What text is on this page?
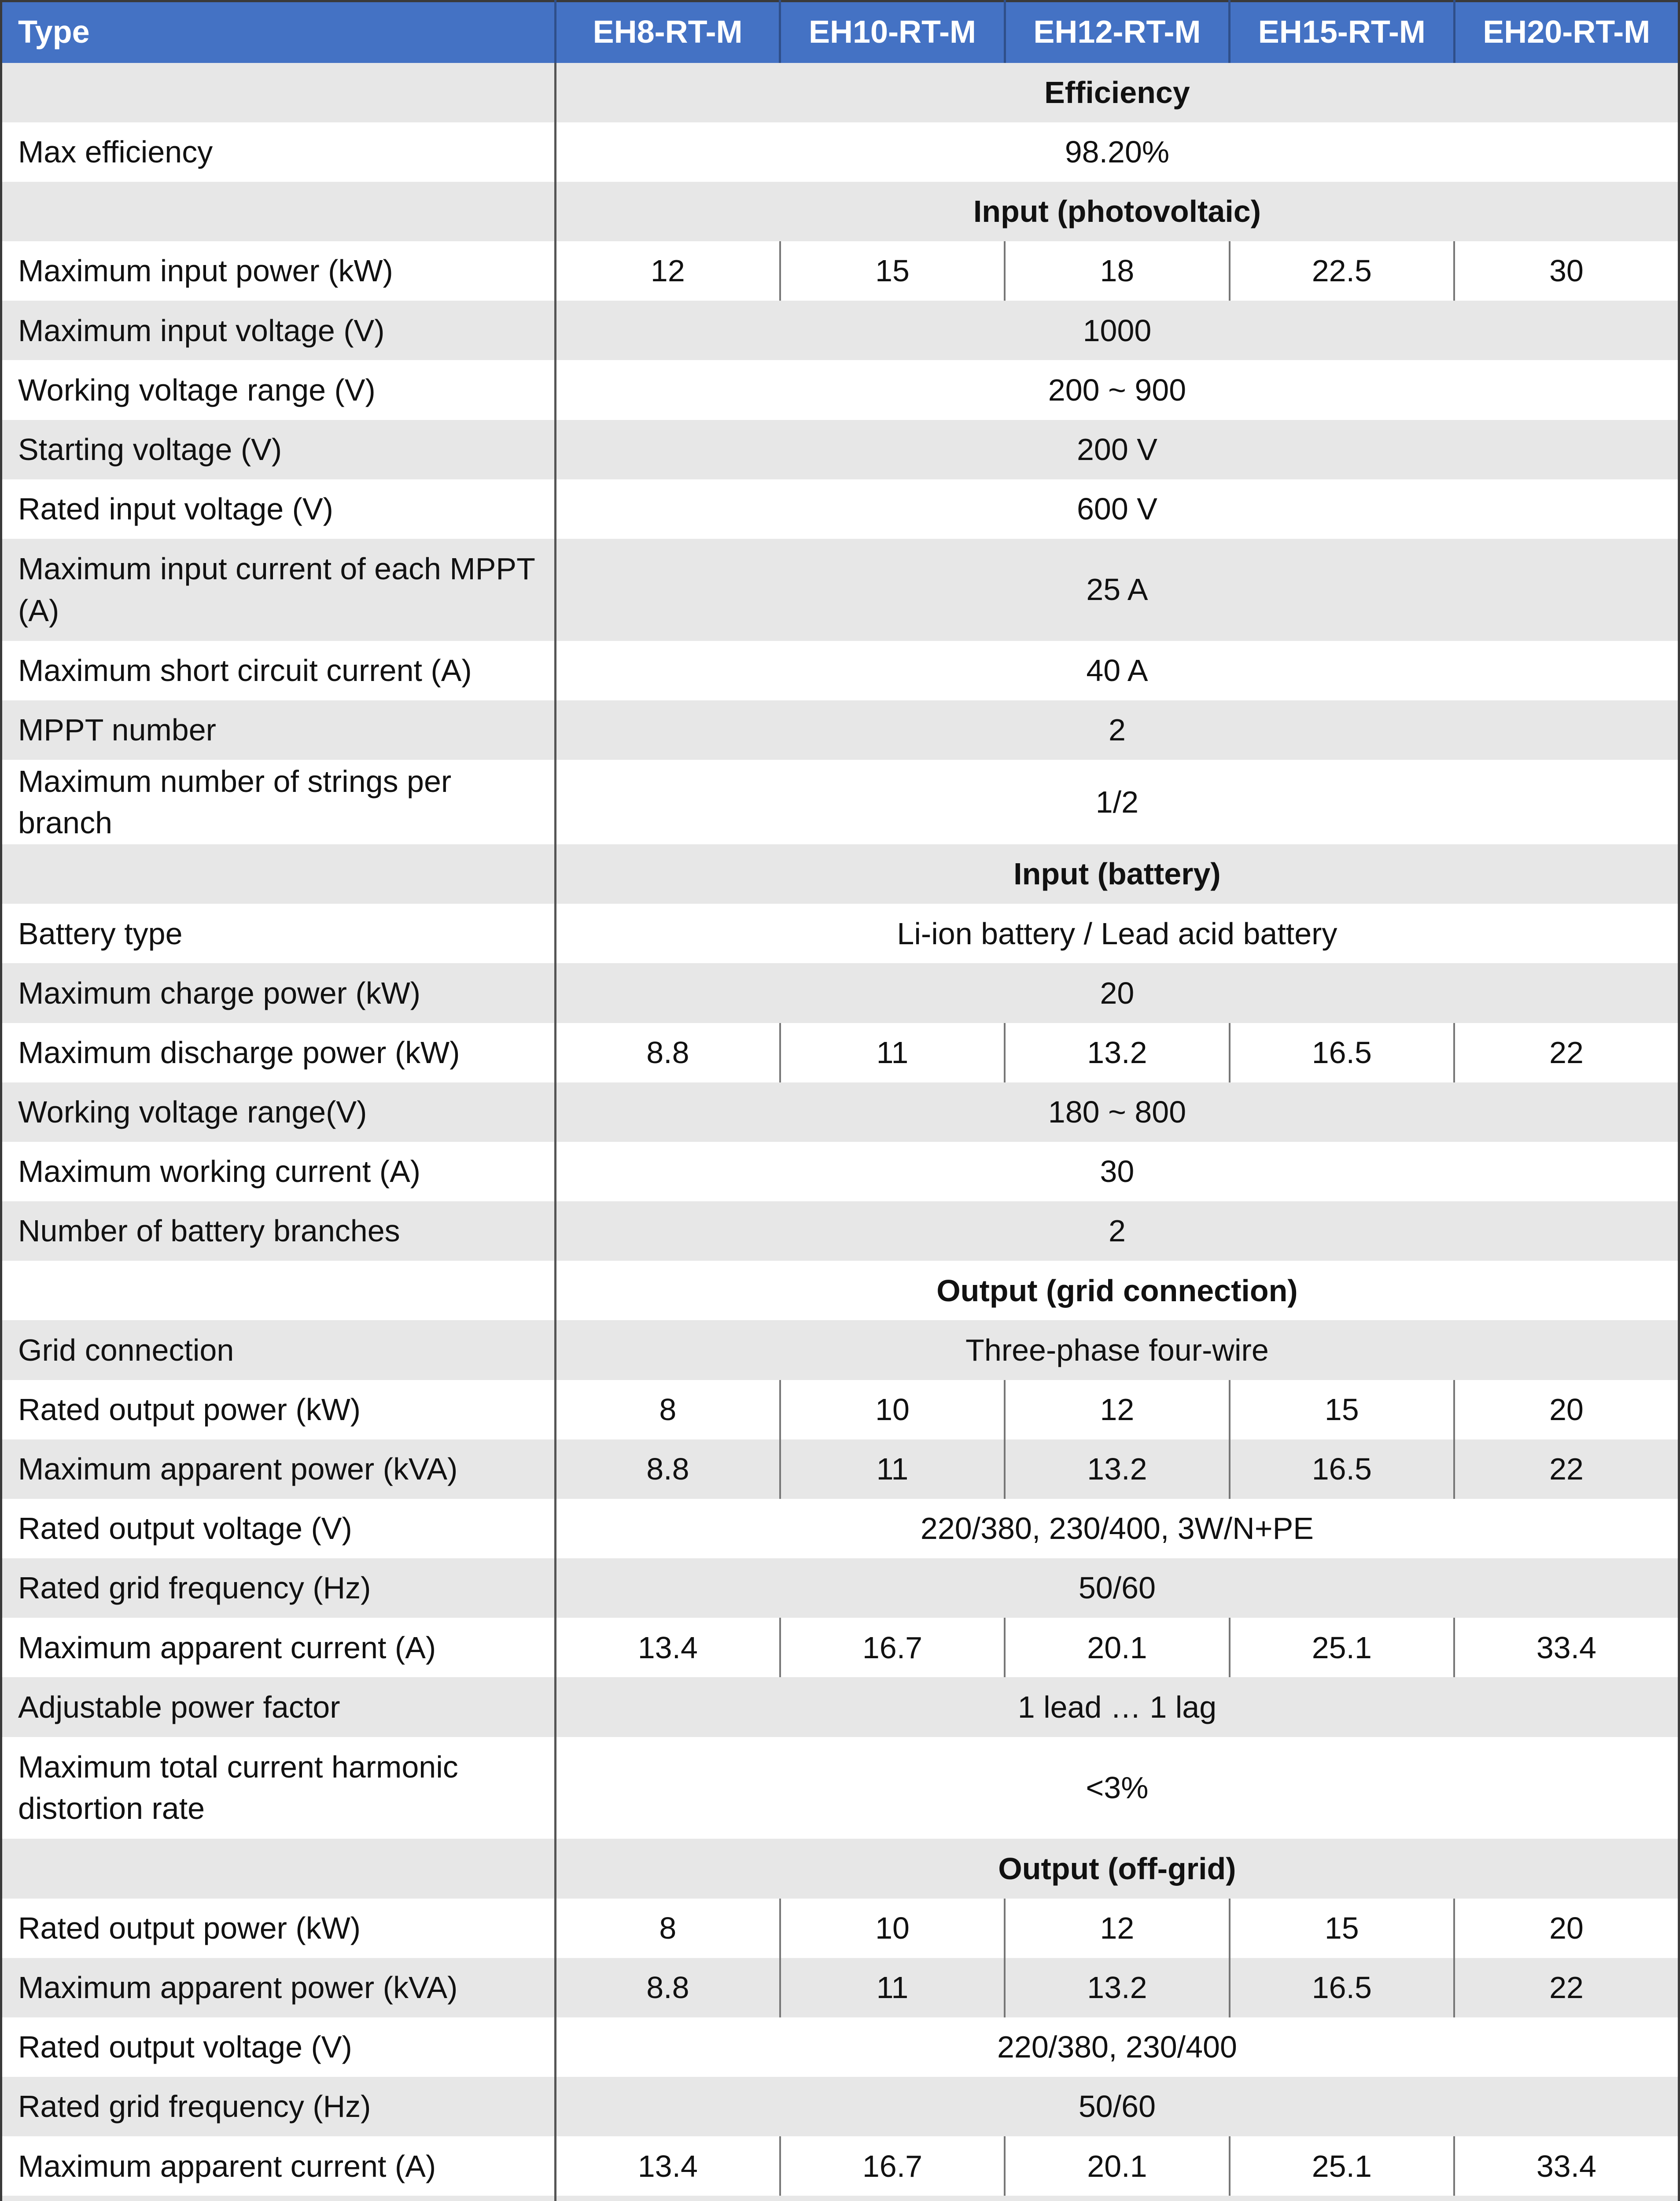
Type	EH8-RT-M	EH10-RT-M	EH12-RT-M	EH15-RT-M	EH20-RT-M
	Efficiency				
Max efficiency	98.20%				
	Input (photovoltaic)				
Maximum input power (kW)	12	15	18	22.5	30
Maximum input voltage (V)	1000				
Working voltage range (V)	200 ~ 900				
Starting voltage (V)	200 V				
Rated input voltage (V)	600 V				
Maximum input current of each MPPT (A)	25 A				
Maximum short circuit current (A)	40 A				
MPPT number	2				
Maximum number of strings per branch	1/2				
	Input (battery)				
Battery type	Li-ion battery / Lead acid battery				
Maximum charge power (kW)	20				
Maximum discharge power (kW)	8.8	11	13.2	16.5	22
Working voltage range(V)	180 ~ 800				
Maximum working current (A)	30				
Number of battery branches	2				
	Output (grid connection)				
Grid connection	Three-phase four-wire				
Rated output power (kW)	8	10	12	15	20
Maximum apparent power (kVA)	8.8	11	13.2	16.5	22
Rated output voltage (V)	220/380, 230/400, 3W/N+PE				
Rated grid frequency (Hz)	50/60				
Maximum apparent current (A)	13.4	16.7	20.1	25.1	33.4
Adjustable power factor	1 lead … 1 lag				
Maximum total current harmonic distortion rate	<3%				
	Output (off-grid)				
Rated output power (kW)	8	10	12	15	20
Maximum apparent power (kVA)	8.8	11	13.2	16.5	22
Rated output voltage (V)	220/380, 230/400				
Rated grid frequency (Hz)	50/60				
Maximum apparent current (A)	13.4	16.7	20.1	25.1	33.4
